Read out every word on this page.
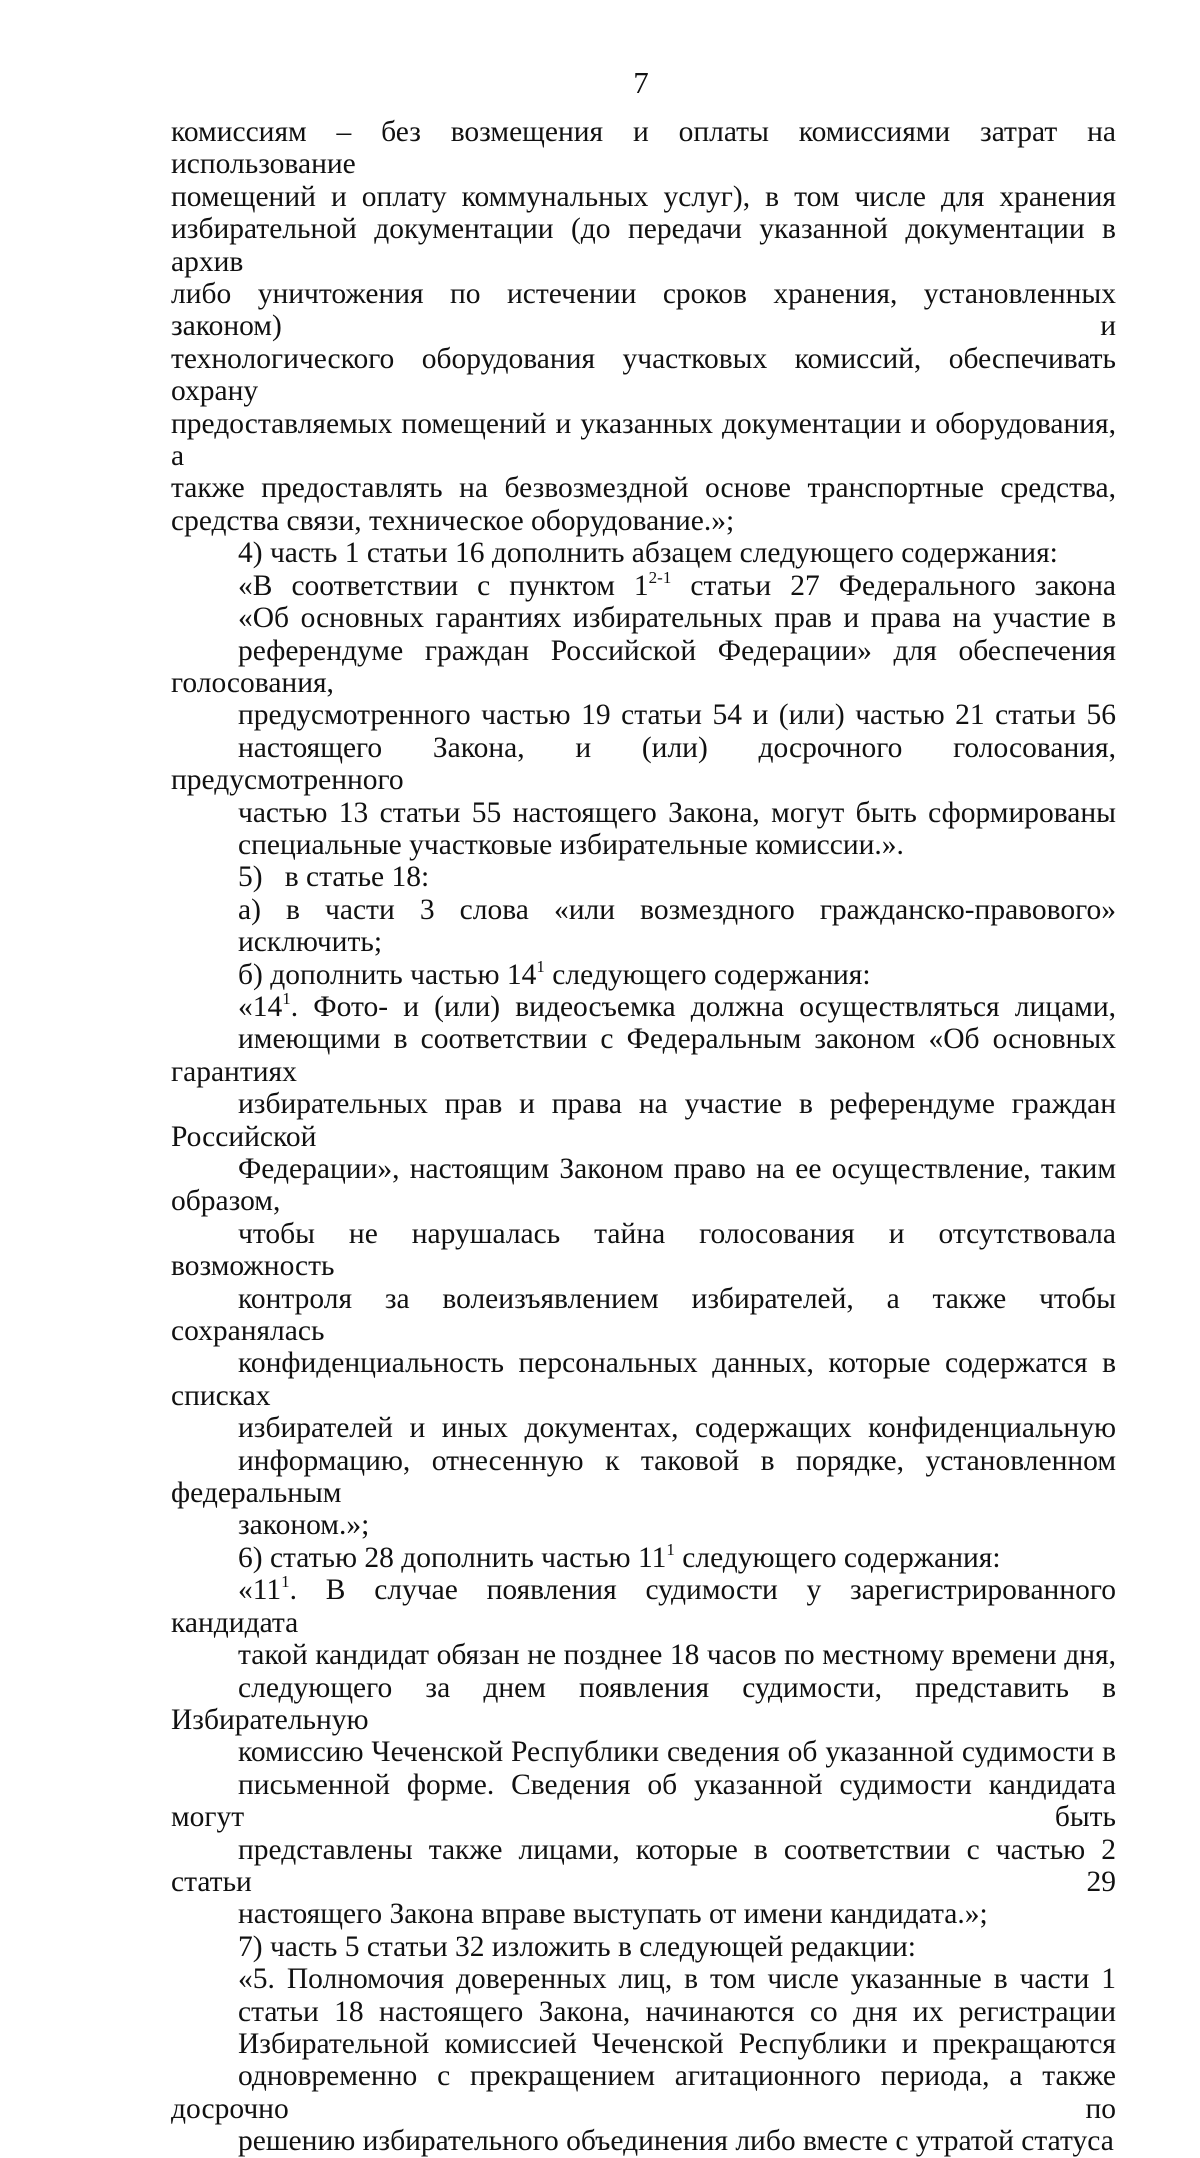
7

комиссиям – без возмещения и оплаты комиссиями затрат на использование
помещений и оплату коммунальных услуг), в том числе для хранения
избирательной документации (до передачи указанной документации в архив
либо уничтожения по истечении сроков хранения, установленных законом) и
технологического оборудования участковых комиссий, обеспечивать охрану
предоставляемых помещений и указанных документации и оборудования, а
также предоставлять на безвозмездной основе транспортные средства,
средства связи, техническое оборудование.»;

4) часть 1 статьи 16 дополнить абзацем следующего содержания:

«В соответствии с пунктом 1$^{2-1}$ статьи 27 Федерального закона
«Об основных гарантиях избирательных прав и права на участие в
референдуме граждан Российской Федерации» для обеспечения голосования,
предусмотренного частью 19 статьи 54 и (или) частью 21 статьи 56
настоящего Закона, и (или) досрочного голосования, предусмотренного
частью 13 статьи 55 настоящего Закона, могут быть сформированы
специальные участковые избирательные комиссии.».

5)   в статье 18:

а) в части 3 слова «или возмездного гражданско-правового»
исключить;

б) дополнить частью $14^1$ следующего содержания:

«$14^1$. Фото- и (или) видеосъемка должна осуществляться лицами,
имеющими в соответствии с Федеральным законом «Об основных гарантиях
избирательных прав и права на участие в референдуме граждан Российской
Федерации», настоящим Законом право на ее осуществление, таким образом,
чтобы не нарушалась тайна голосования и отсутствовала возможность
контроля за волеизъявлением избирателей, а также чтобы сохранялась
конфиденциальность персональных данных, которые содержатся в списках
избирателей и иных документах, содержащих конфиденциальную
информацию, отнесенную к таковой в порядке, установленном федеральным
законом.»;

6) статью 28 дополнить частью $11^1$ следующего содержания:

«$11^1$. В случае появления судимости у зарегистрированного кандидата
такой кандидат обязан не позднее 18 часов по местному времени дня,
следующего за днем появления судимости, представить в Избирательную
комиссию Чеченской Республики сведения об указанной судимости в
письменной форме. Сведения об указанной судимости кандидата могут быть
представлены также лицами, которые в соответствии с частью 2 статьи 29
настоящего Закона вправе выступать от имени кандидата.»;

7) часть 5 статьи 32 изложить в следующей редакции:

«5. Полномочия доверенных лиц, в том числе указанные в части 1
статьи 18 настоящего Закона, начинаются со дня их регистрации
Избирательной комиссией Чеченской Республики и прекращаются
одновременно с прекращением агитационного периода, а также досрочно по
решению избирательного объединения либо вместе с утратой статуса
